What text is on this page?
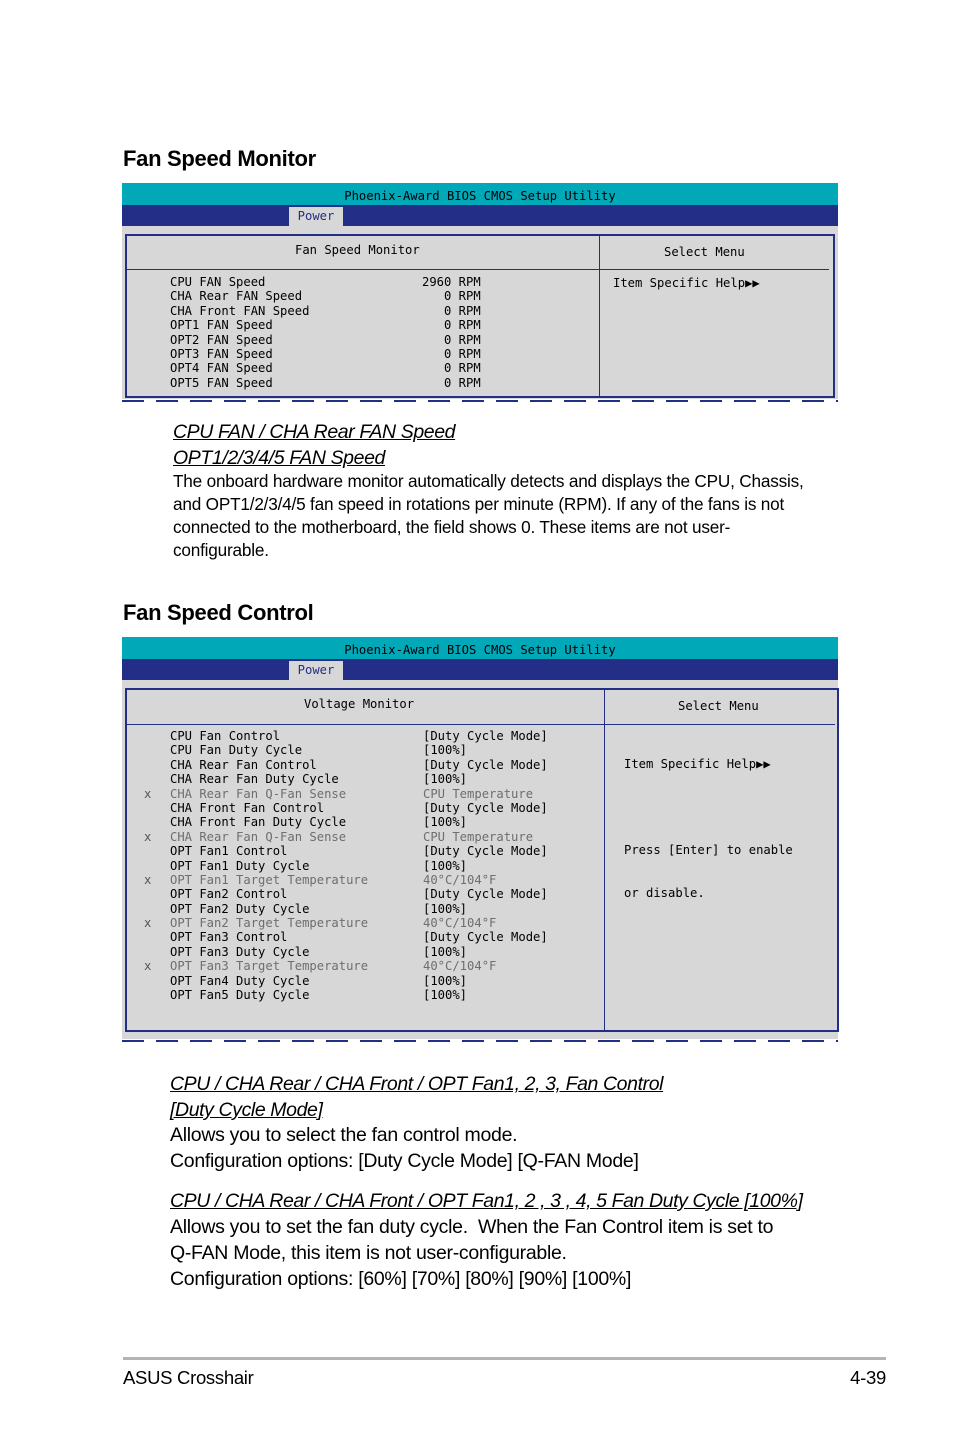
Fan Speed Monitor
Phoenix-Award BIOS CMOS Setup Utility
Power
Fan Speed Monitor	Select Menu
CPU FAN Speed	2960 RPM
CHA Rear FAN Speed	0 RPM
CHA Front FAN Speed	0 RPM
OPT1 FAN Speed	0 RPM
OPT2 FAN Speed	0 RPM
OPT3 FAN Speed	0 RPM
OPT4 FAN Speed	0 RPM
OPT5 FAN Speed	0 RPM
Item Specific Help▶▶
CPU FAN / CHA Rear FAN Speed
OPT1/2/3/4/5 FAN Speed
The onboard hardware monitor automatically detects and displays the CPU, Chassis, and OPT1/2/3/4/5 fan speed in rotations per minute (RPM). If any of the fans is not connected to the motherboard, the field shows 0. These items are not user-configurable.
Fan Speed Control
Phoenix-Award BIOS CMOS Setup Utility
Power
Voltage Monitor	Select Menu
CPU Fan Control	[Duty Cycle Mode]
CPU Fan Duty Cycle	[100%]
CHA Rear Fan Control	[Duty Cycle Mode]
CHA Rear Fan Duty Cycle	[100%]
x CHA Rear Fan Q-Fan Sense	CPU Temperature
CHA Front Fan Control	[Duty Cycle Mode]
CHA Front Fan Duty Cycle	[100%]
x CHA Rear Fan Q-Fan Sense	CPU Temperature
OPT Fan1 Control	[Duty Cycle Mode]
OPT Fan1 Duty Cycle	[100%]
x OPT Fan1 Target Temperature	40°C/104°F
OPT Fan2 Control	[Duty Cycle Mode]
OPT Fan2 Duty Cycle	[100%]
x OPT Fan2 Target Temperature	40°C/104°F
OPT Fan3 Control	[Duty Cycle Mode]
OPT Fan3 Duty Cycle	[100%]
x OPT Fan3 Target Temperature	40°C/104°F
OPT Fan4 Duty Cycle	[100%]
OPT Fan5 Duty Cycle	[100%]

Item Specific Help▶▶

Press [Enter] to enable

or disable.

CPU / CHA Rear / CHA Front / OPT Fan1, 2, 3, Fan Control
[Duty Cycle Mode]
Allows you to select the fan control mode.
Configuration options: [Duty Cycle Mode] [Q-FAN Mode]
CPU / CHA Rear / CHA Front / OPT Fan1, 2 , 3 , 4, 5 Fan Duty Cycle [100%]
Allows you to set the fan duty cycle.  When the Fan Control item is set to
Q-FAN Mode, this item is not user-configurable.
Configuration options: [60%] [70%] [80%] [90%] [100%]
ASUS Crosshair	4-39
